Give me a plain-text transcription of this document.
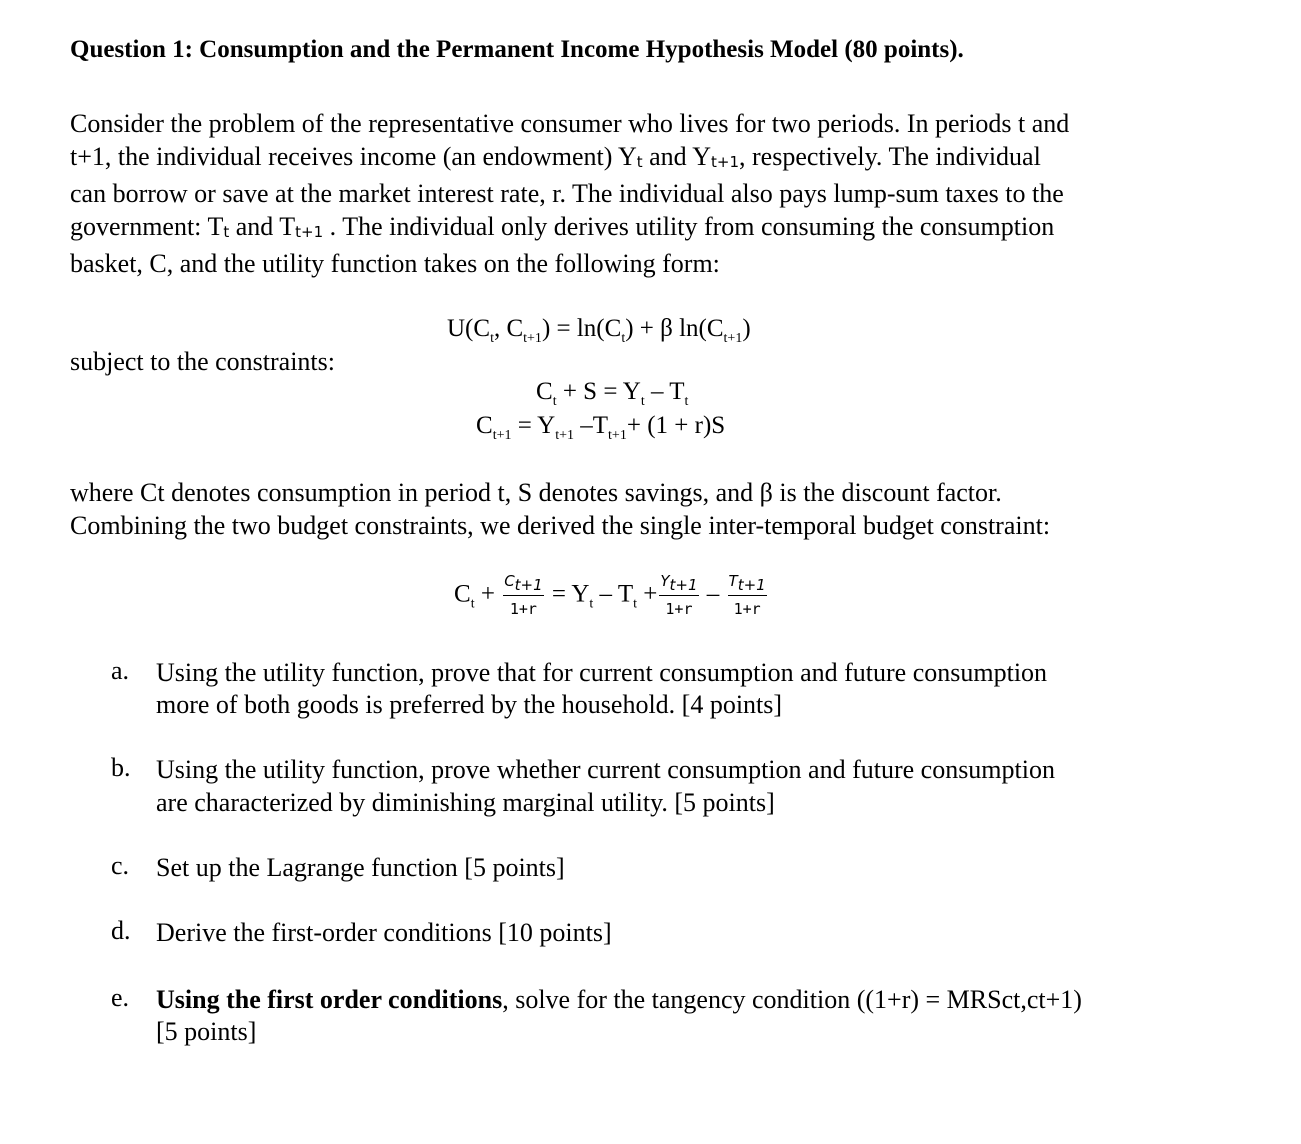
Question 1: Consumption and the Permanent Income Hypothesis Model (80 points).
Consider the problem of the representative consumer who lives for two periods. In periods t and
t+1, the individual receives income (an endowment) $Y_t$ and $Y_{t+1}$, respectively. The individual
can borrow or save at the market interest rate, r. The individual also pays lump-sum taxes to the
government: $T_t$ and $T_{t+1}$ . The individual only derives utility from consuming the consumption
basket, C, and the utility function takes on the following form:
$U(C_t$, $C_{t+1}) = \ln(C_t) + \beta$ $\ln(C_{t+1})$
subject to the constraints:
$C_t + S = Y_t - T_t$
$C_{t+1} = Y_{t+1}$ $-T_{t+1}+ (1 + r)S$
where Ct denotes consumption in period t, S denotes savings, and β is the discount factor.
Combining the two budget constraints, we derived the single inter-temporal budget constraint:
$C_t + \frac{C_{t+1}}{1+r} = Y_t - T_t + \frac{Y_{t+1}}{1+r} - \frac{T_{t+1}}{1+r}$
a. Using the utility function, prove that for current consumption and future consumption
more of both goods is preferred by the household. [4 points]
b. Using the utility function, prove whether current consumption and future consumption
are characterized by diminishing marginal utility. [5 points]
c. Set up the Lagrange function [5 points]
d. Derive the first-order conditions [10 points]
e. Using the first order conditions, solve for the tangency condition ((1+r) = MRSct,ct+1)
[5 points]
